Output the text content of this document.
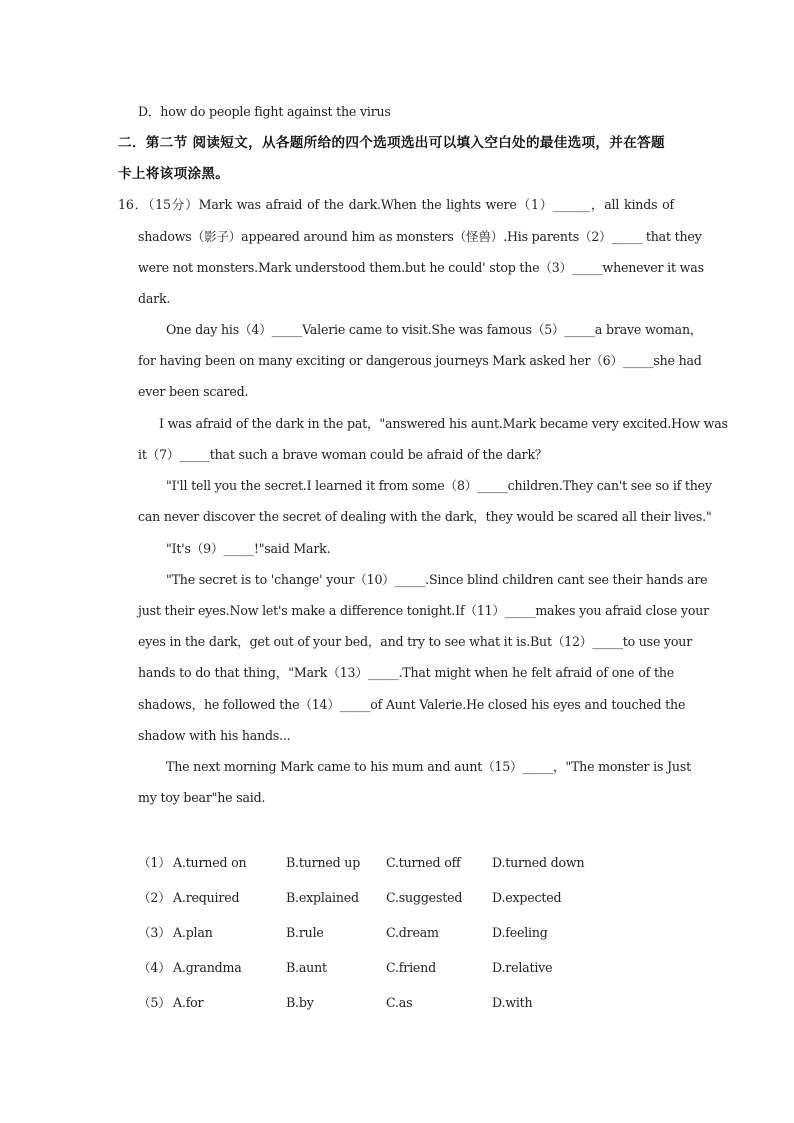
D．how do people fight against the virus
二．第二节 阅读短文，从各题所给的四个选项选出可以填入空白处的最佳选项，并在答题
卡上将该项涂黑。
16．（15分）Mark was afraid of the dark.When the lights were（1）______，all kinds of
shadows（影子）appeared around him as monsters（怪兽）.His parents（2）_____ that they
were not monsters.Mark understood them.but he could' stop the（3）_____whenever it was
dark.
One day his（4）_____Valerie came to visit.She was famous（5）_____a brave woman，
for having been on many exciting or dangerous journeys Mark asked her（6）_____she had
ever been scared.
I was afraid of the dark in the pat，"answered his aunt.Mark became very excited.How was
it（7）_____that such a brave woman could be afraid of the dark？
"I'll tell you the secret.I learned it from some（8）_____children.They can't see so if they
can never discover the secret of dealing with the dark，they would be scared all their lives."
"It's（9）_____!"said Mark.
"The secret is to 'change' your（10）_____.Since blind children cant see their hands are
just their eyes.Now let's make a difference tonight.If（11）_____makes you afraid close your
eyes in the dark，get out of your bed，and try to see what it is.But（12）_____to use your
hands to do that thing，"Mark（13）_____.That might when he felt afraid of one of the
shadows，he followed the（14）_____of Aunt Valerie.He closed his eyes and touched the
shadow with his hands...
The next morning Mark came to his mum and aunt（15）_____，"The monster is Just
my toy bear"he said.
（1） A.turned on	B.turned up C.turned off D.turned down
（2） A.required	B.explained C.suggested D.expected
（3） A.plan	B.rule	C.dream	D.feeling
（4） A.grandma	B.aunt	C.friend	D.relative
（5） A.for	B.by	C.as	D.with
